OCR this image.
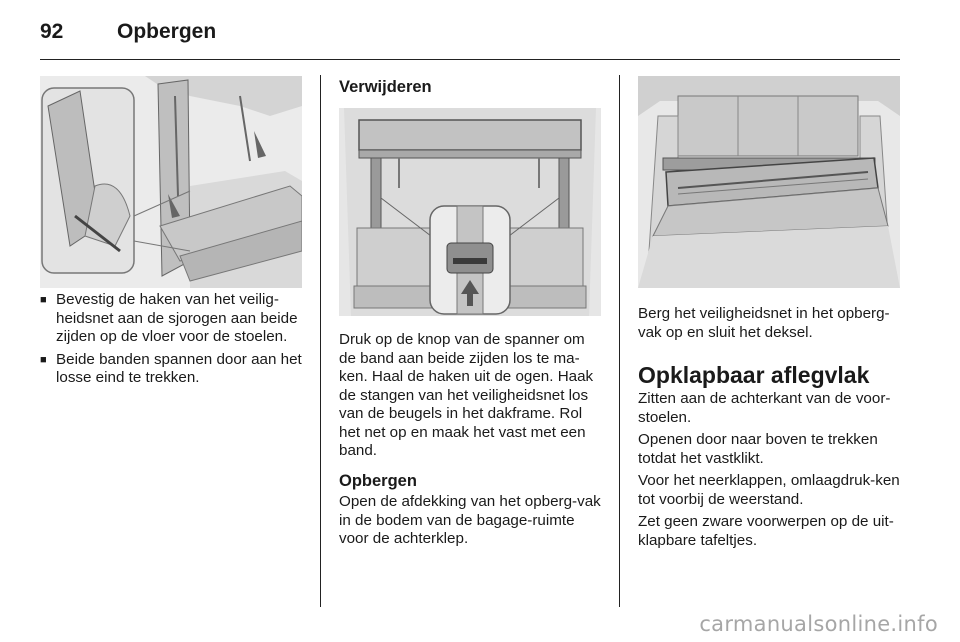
92	Opbergen
■ Bevestig de haken van het veilig-heidsnet aan de sjorogen aan beide zijden op de vloer voor de stoelen.
■ Beide banden spannen door aan het losse eind te trekken.
Verwijderen
Druk op de knop van de spanner om de band aan beide zijden los te ma-ken. Haal de haken uit de ogen. Haak de stangen van het veiligheidsnet los van de beugels in het dakframe. Rol het net op en maak het vast met een band.
Opbergen
Open de afdekking van het opberg-vak in de bodem van de bagage-ruimte voor de achterklep.
Berg het veiligheidsnet in het opberg-vak op en sluit het deksel.
Opklapbaar aflegvlak

Zitten aan de achterkant van de voor-stoelen.

Openen door naar boven te trekken totdat het vastklikt.

Voor het neerklappen, omlaagdruk-ken tot voorbij de weerstand.

Zet geen zware voorwerpen op de uit-klapbare tafeltjes.

carmanualsonline.info
